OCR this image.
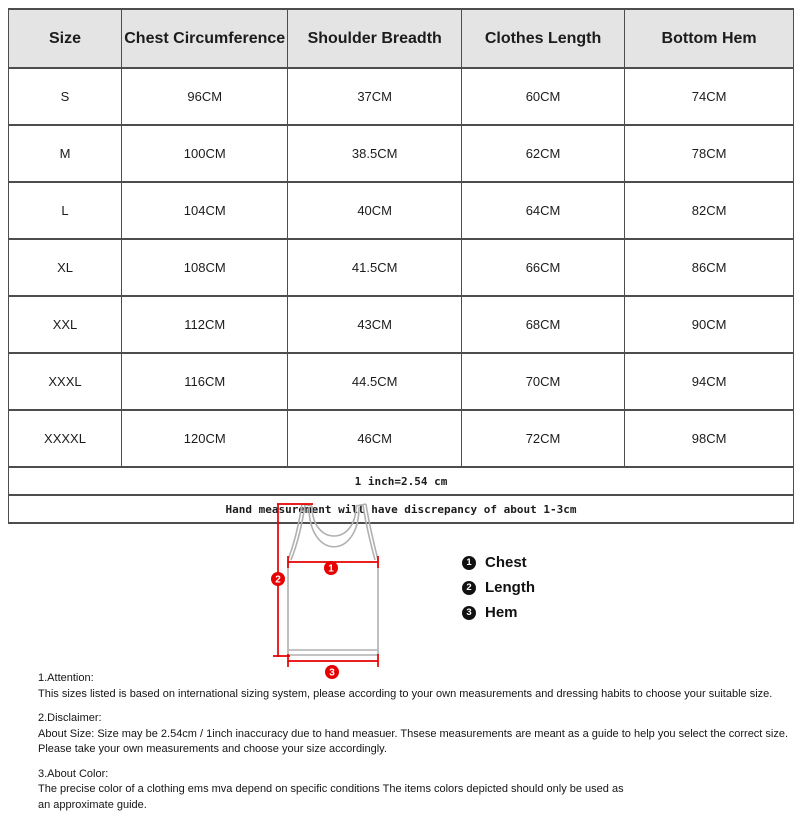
Size	Chest Circumference	Shoulder Breadth	Clothes Length	Bottom Hem
S	96CM	37CM	60CM	74CM
M	100CM	38.5CM	62CM	78CM
L	104CM	40CM	64CM	82CM
XL	108CM	41.5CM	66CM	86CM
XXL	112CM	43CM	68CM	90CM
XXXL	116CM	44.5CM	70CM	94CM
XXXXL	120CM	46CM	72CM	98CM
1 inch=2.54 cm				
Hand measurement will have discrepancy of about 1-3cm				
1
2
3
1 Chest
2 Length
3 Hem
1.Attention:
This sizes listed is based on international sizing system, please according to your own measurements and dressing habits to choose your suitable size.
2.Disclaimer:
About Size: Size may be 2.54cm / 1inch inaccuracy due to hand measuer. Thsese measurements are meant as a guide to help you select the correct size.
Please take your own measurements and choose your size accordingly.
3.About Color:
The precise color of a clothing ems mva depend on specific conditions The items colors depicted should only be used as
an approximate guide.
